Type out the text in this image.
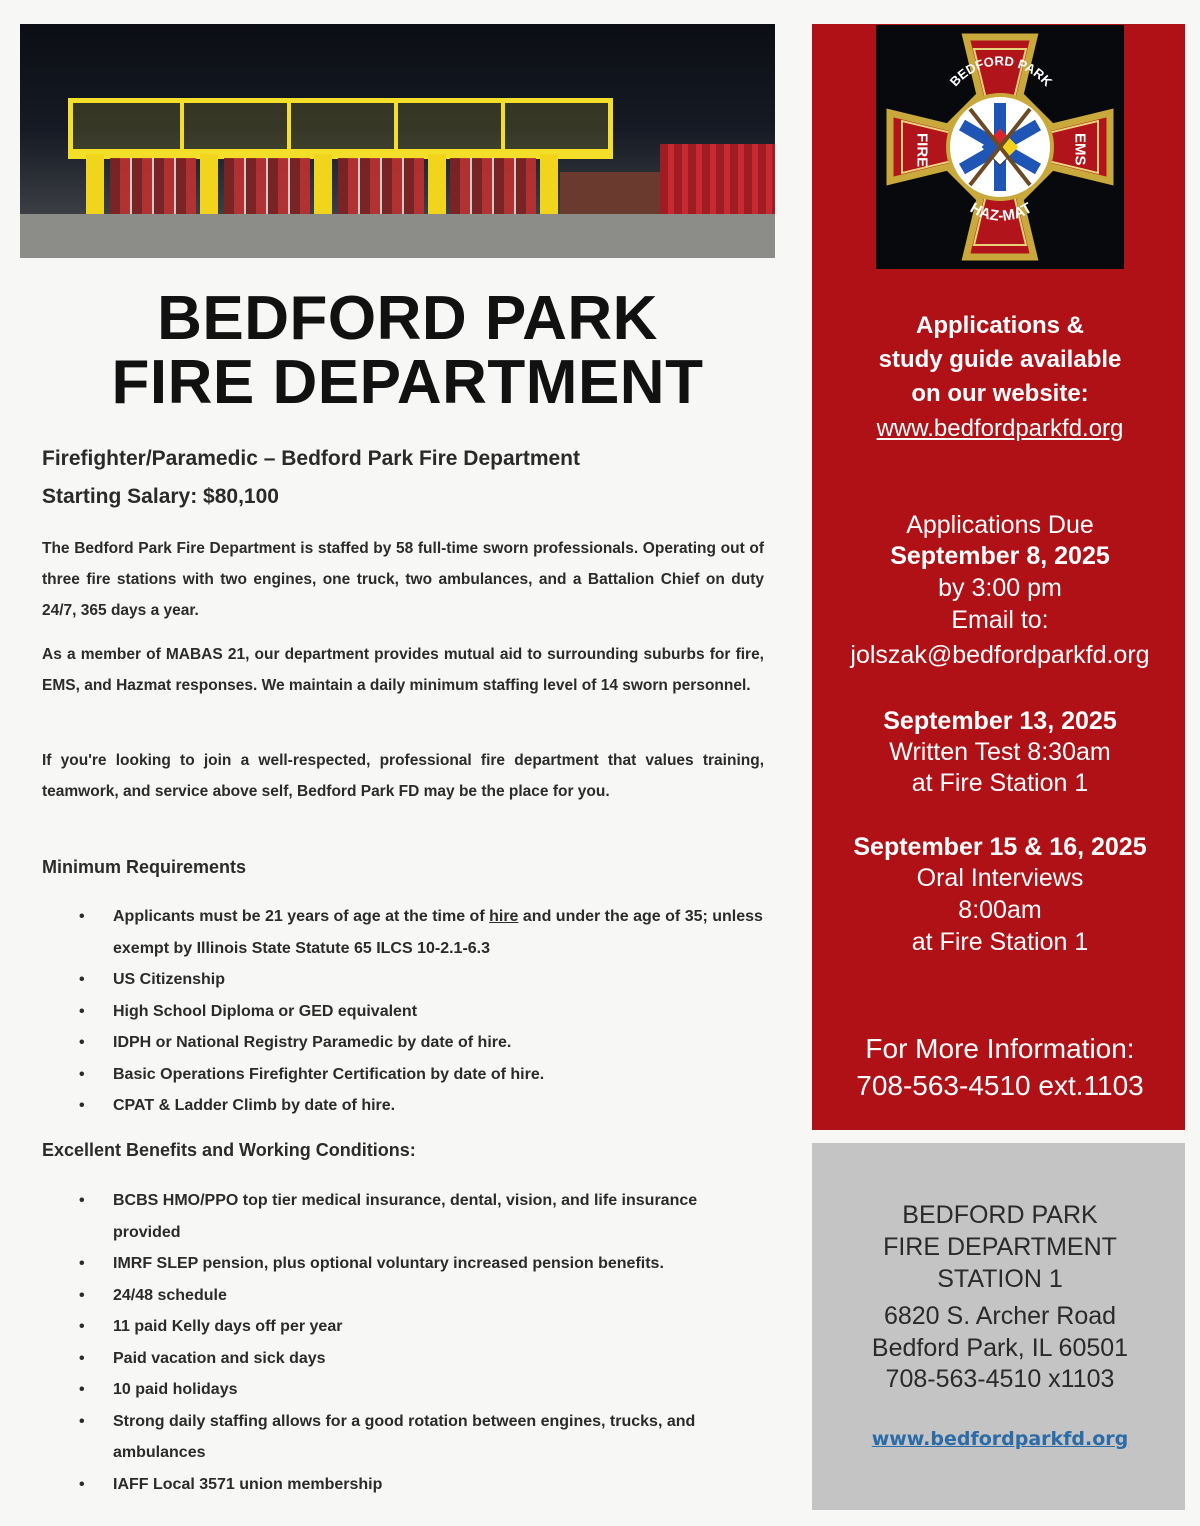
BEDFORD PARK
FIRE DEPARTMENT

Firefighter/Paramedic – Bedford Park Fire Department

Starting Salary: $80,100

The Bedford Park Fire Department is staffed by 58 full-time sworn professionals. Operating out of three fire stations with two engines, one truck, two ambulances, and a Battalion Chief on duty 24/7, 365 days a year.

As a member of MABAS 21, our department provides mutual aid to surrounding suburbs for fire, EMS, and Hazmat responses. We maintain a daily minimum staffing level of 14 sworn personnel.

If you're looking to join a well-respected, professional fire department that values training, teamwork, and service above self, Bedford Park FD may be the place for you.

Minimum Requirements

• Applicants must be 21 years of age at the time of hire and under the age of 35; unless exempt by Illinois State Statute 65 ILCS 10-2.1-6.3
• US Citizenship
• High School Diploma or GED equivalent
• IDPH or National Registry Paramedic by date of hire.
• Basic Operations Firefighter Certification by date of hire.
• CPAT & Ladder Climb by date of hire.

Excellent Benefits and Working Conditions:

• BCBS HMO/PPO top tier medical insurance, dental, vision, and life insurance provided
• IMRF SLEP pension, plus optional voluntary increased pension benefits.
• 24/48 schedule
• 11 paid Kelly days off per year
• Paid vacation and sick days
• 10 paid holidays
• Strong daily staffing allows for a good rotation between engines, trucks, and ambulances
• IAFF Local 3571 union membership
BEDFORD PARK
HAZ-MAT
FIRE	EMS

Applications &

study guide available

on our website:

www.bedfordparkfd.org

Applications Due

September 8, 2025

by 3:00 pm

Email to:

jolszak@bedfordparkfd.org

September 13, 2025

Written Test 8:30am

at Fire Station 1

September 15 & 16, 2025

Oral Interviews

8:00am

at Fire Station 1

For More Information:

708-563-4510 ext.1103

BEDFORD PARK

FIRE DEPARTMENT

STATION 1

6820 S. Archer Road

Bedford Park, IL 60501

708-563-4510 x1103

www.bedfordparkfd.org
